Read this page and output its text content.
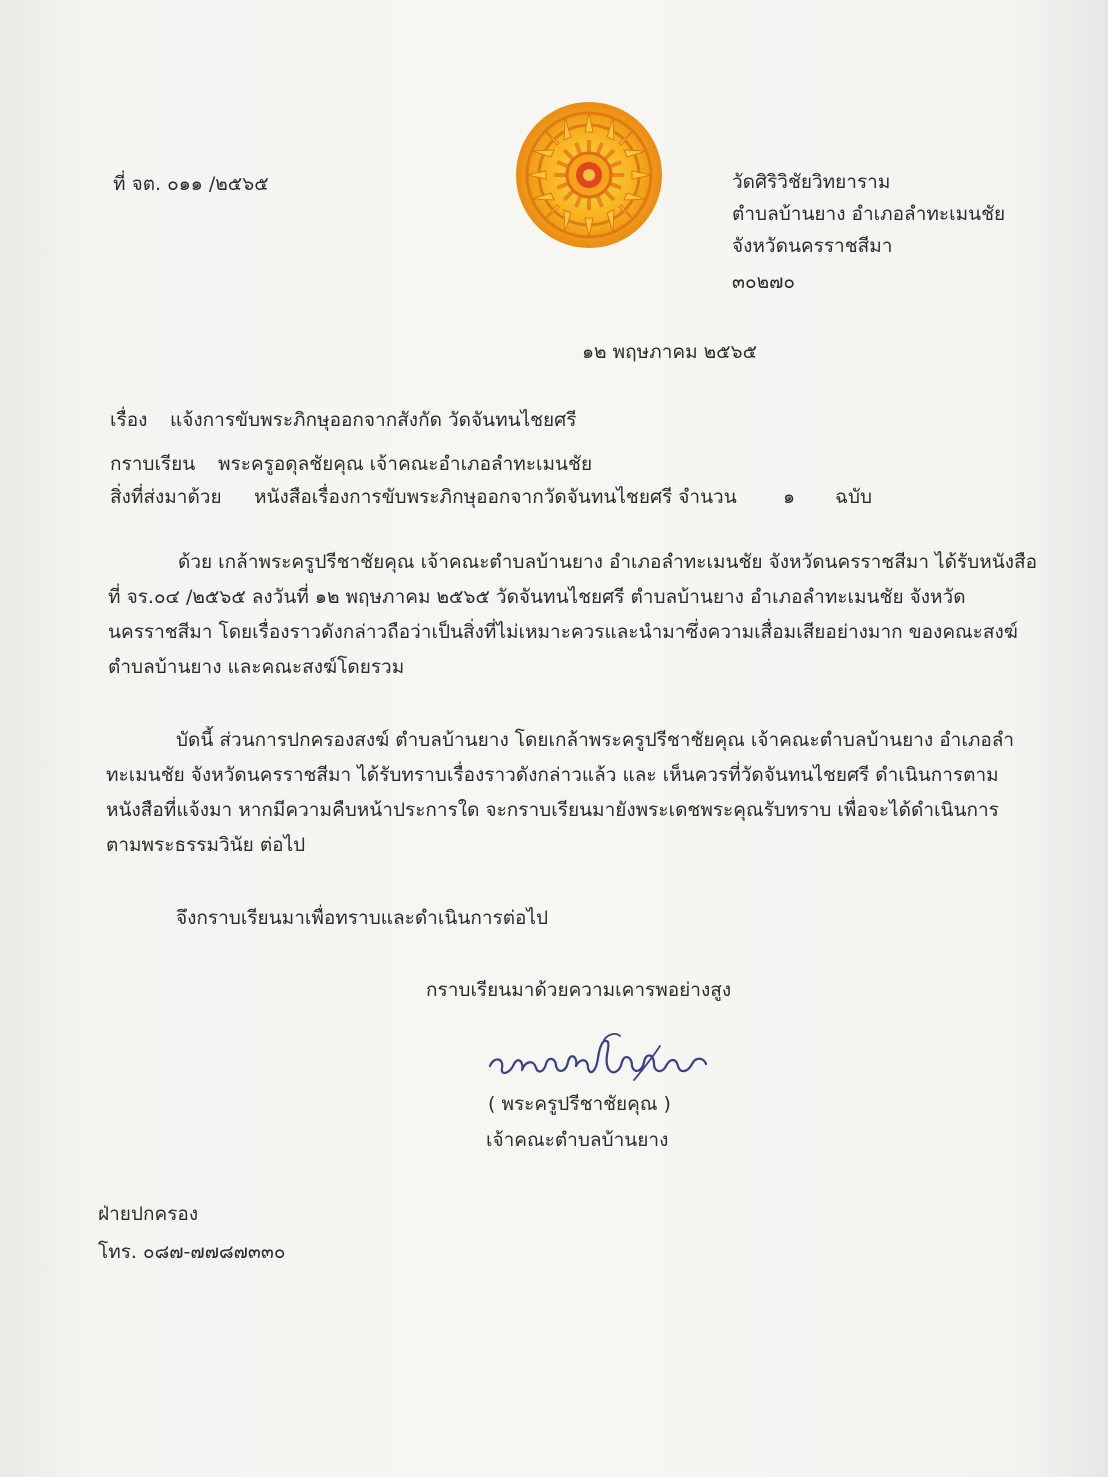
ที่ จต. ๐๑๑ /๒๕๖๕	วัดศิริวิชัยวิทยาราม
ตำบลบ้านยาง อำเภอลำทะเมนชัย
จังหวัดนครราชสีมา
๓๐๒๗๐
๑๒ พฤษภาคม ๒๕๖๕
เรื่อง แจ้งการขับพระภิกษุออกจากสังกัด วัดจันทนไชยศรี
กราบเรียน พระครูอดุลชัยคุณ เจ้าคณะอำเภอลำทะเมนชัย
สิ่งที่ส่งมาด้วย หนังสือเรื่องการขับพระภิกษุออกจากวัดจันทนไชยศรี จำนวน ๑ ฉบับ
ด้วย เกล้าพระครูปรีชาชัยคุณ เจ้าคณะตำบลบ้านยาง อำเภอลำทะเมนชัย จังหวัดนครราชสีมา ได้รับหนังสือ
ที่ จร.๐๔ /๒๕๖๕ ลงวันที่ ๑๒ พฤษภาคม ๒๕๖๕ วัดจันทนไชยศรี ตำบลบ้านยาง อำเภอลำทะเมนชัย จังหวัด
นครราชสีมา โดยเรื่องราวดังกล่าวถือว่าเป็นสิ่งที่ไม่เหมาะควรและนำมาซึ่งความเสื่อมเสียอย่างมาก ของคณะสงฆ์
ตำบลบ้านยาง และคณะสงฆ์โดยรวม
บัดนี้ ส่วนการปกครองสงฆ์ ตำบลบ้านยาง โดยเกล้าพระครูปรีชาชัยคุณ เจ้าคณะตำบลบ้านยาง อำเภอลำ
ทะเมนชัย จังหวัดนครราชสีมา ได้รับทราบเรื่องราวดังกล่าวแล้ว และ เห็นควรที่วัดจันทนไชยศรี ดำเนินการตาม
หนังสือที่แจ้งมา หากมีความคืบหน้าประการใด จะกราบเรียนมายังพระเดชพระคุณรับทราบ เพื่อจะได้ดำเนินการ
ตามพระธรรมวินัย ต่อไป
จึงกราบเรียนมาเพื่อทราบและดำเนินการต่อไป
กราบเรียนมาด้วยความเคารพอย่างสูง
( พระครูปรีชาชัยคุณ )
เจ้าคณะตำบลบ้านยาง
ฝ่ายปกครอง
โทร. ๐๘๗-๗๗๘๗๓๓๐
